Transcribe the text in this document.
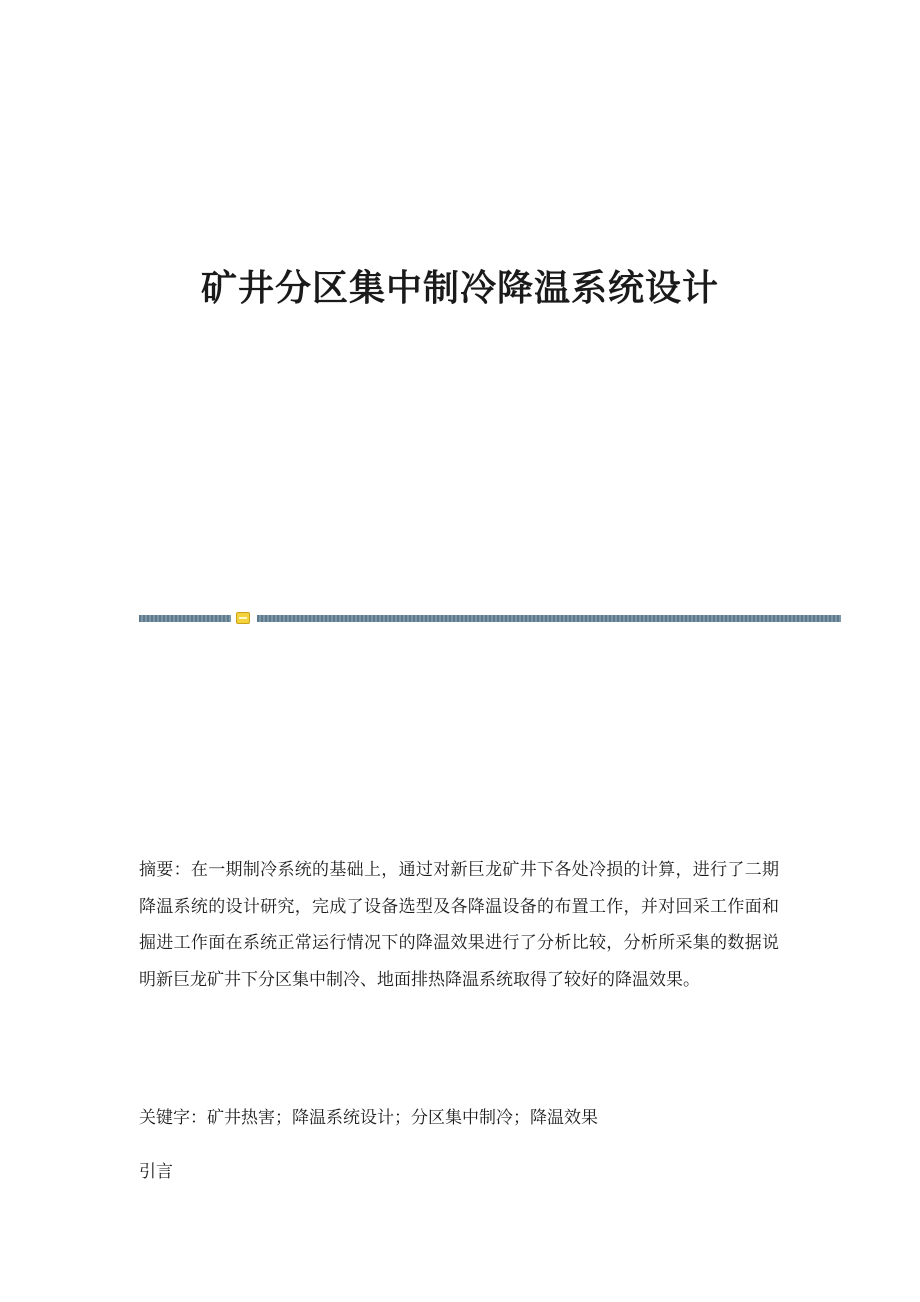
矿井分区集中制冷降温系统设计

摘要：在一期制冷系统的基础上，通过对新巨龙矿井下各处冷损的计算，进行了二期降温系统的设计研究，完成了设备选型及各降温设备的布置工作，并对回采工作面和掘进工作面在系统正常运行情况下的降温效果进行了分析比较，分析所采集的数据说明新巨龙矿井下分区集中制冷、地面排热降温系统取得了较好的降温效果。

关键字：矿井热害；降温系统设计；分区集中制冷；降温效果

引言
